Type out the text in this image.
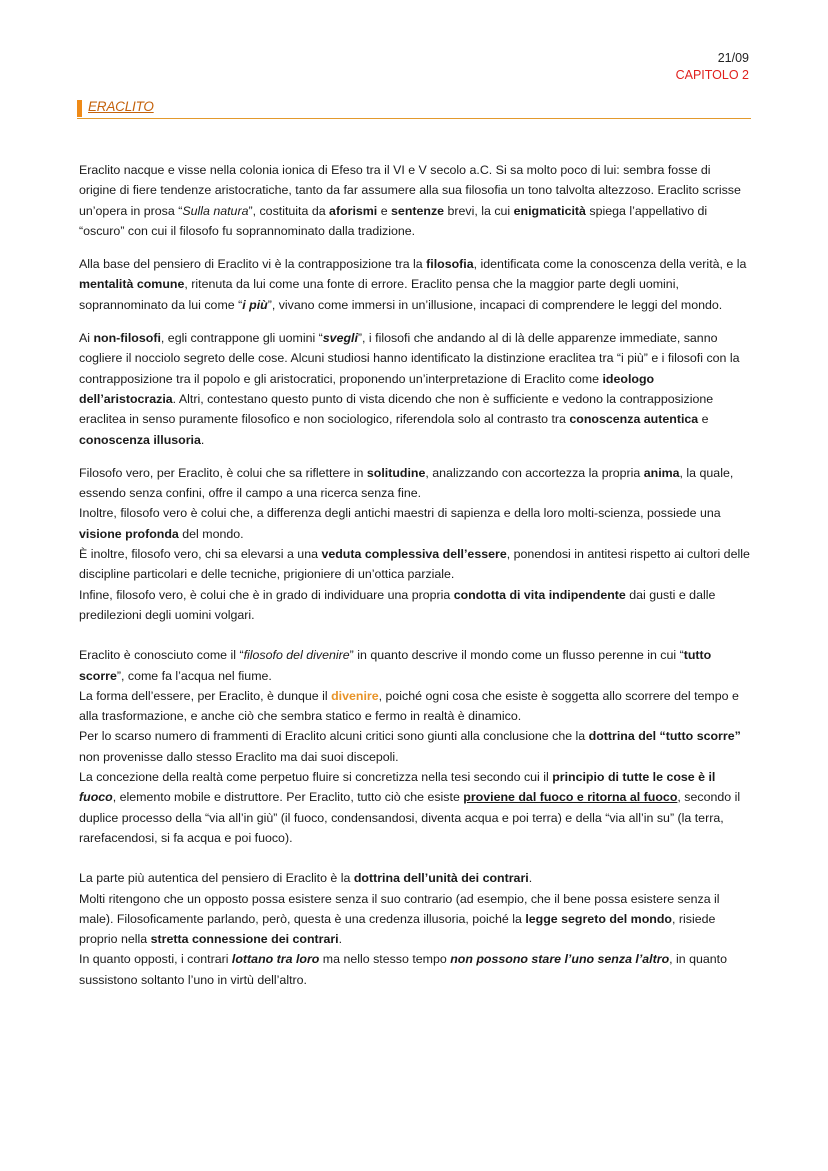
21/09
CAPITOLO 2
ERACLITO

Eraclito nacque e visse nella colonia ionica di Efeso tra il VI e V secolo a.C. Si sa molto poco di lui: sembra fosse di origine di fiere tendenze aristocratiche, tanto da far assumere alla sua filosofia un tono talvolta altezzoso. Eraclito scrisse un’opera in prosa “Sulla natura”, costituita da aforismi e sentenze brevi, la cui enigmaticità spiega l’appellativo di “oscuro” con cui il filosofo fu soprannominato dalla tradizione.

Alla base del pensiero di Eraclito vi è la contrapposizione tra la filosofia, identificata come la conoscenza della verità, e la mentalità comune, ritenuta da lui come una fonte di errore. Eraclito pensa che la maggior parte degli uomini, soprannominato da lui come “i più”, vivano come immersi in un’illusione, incapaci di comprendere le leggi del mondo.

Ai non-filosofi, egli contrappone gli uomini “svegli”, i filosofi che andando al di là delle apparenze immediate, sanno cogliere il nocciolo segreto delle cose. Alcuni studiosi hanno identificato la distinzione eraclitea tra “i più” e i filosofi con la contrapposizione tra il popolo e gli aristocratici, proponendo un’interpretazione di Eraclito come ideologo dell’aristocrazia. Altri, contestano questo punto di vista dicendo che non è sufficiente e vedono la contrapposizione eraclitea in senso puramente filosofico e non sociologico, riferendola solo al contrasto tra conoscenza autentica e conoscenza illusoria.

Filosofo vero, per Eraclito, è colui che sa riflettere in solitudine, analizzando con accortezza la propria anima, la quale, essendo senza confini, offre il campo a una ricerca senza fine.

Inoltre, filosofo vero è colui che, a differenza degli antichi maestri di sapienza e della loro molti-scienza, possiede una visione profonda del mondo.

È inoltre, filosofo vero, chi sa elevarsi a una veduta complessiva dell’essere, ponendosi in antitesi rispetto ai cultori delle discipline particolari e delle tecniche, prigioniere di un’ottica parziale.

Infine, filosofo vero, è colui che è in grado di individuare una propria condotta di vita indipendente dai gusti e dalle predilezioni degli uomini volgari.

Eraclito è conosciuto come il “filosofo del divenire” in quanto descrive il mondo come un flusso perenne in cui “tutto scorre”, come fa l’acqua nel fiume.

La forma dell’essere, per Eraclito, è dunque il divenire, poiché ogni cosa che esiste è soggetta allo scorrere del tempo e alla trasformazione, e anche ciò che sembra statico e fermo in realtà è dinamico.

Per lo scarso numero di frammenti di Eraclito alcuni critici sono giunti alla conclusione che la dottrina del “tutto scorre” non provenisse dallo stesso Eraclito ma dai suoi discepoli.

La concezione della realtà come perpetuo fluire si concretizza nella tesi secondo cui il principio di tutte le cose è il fuoco, elemento mobile e distruttore. Per Eraclito, tutto ciò che esiste proviene dal fuoco e ritorna al fuoco, secondo il duplice processo della “via all’in giù” (il fuoco, condensandosi, diventa acqua e poi terra) e della “via all’in su” (la terra, rarefacendosi, si fa acqua e poi fuoco).

La parte più autentica del pensiero di Eraclito è la dottrina dell’unità dei contrari.

Molti ritengono che un opposto possa esistere senza il suo contrario (ad esempio, che il bene possa esistere senza il male). Filosoficamente parlando, però, questa è una credenza illusoria, poiché la legge segreto del mondo, risiede proprio nella stretta connessione dei contrari.

In quanto opposti, i contrari lottano tra loro ma nello stesso tempo non possono stare l’uno senza l’altro, in quanto sussistono soltanto l’uno in virtù dell’altro.
